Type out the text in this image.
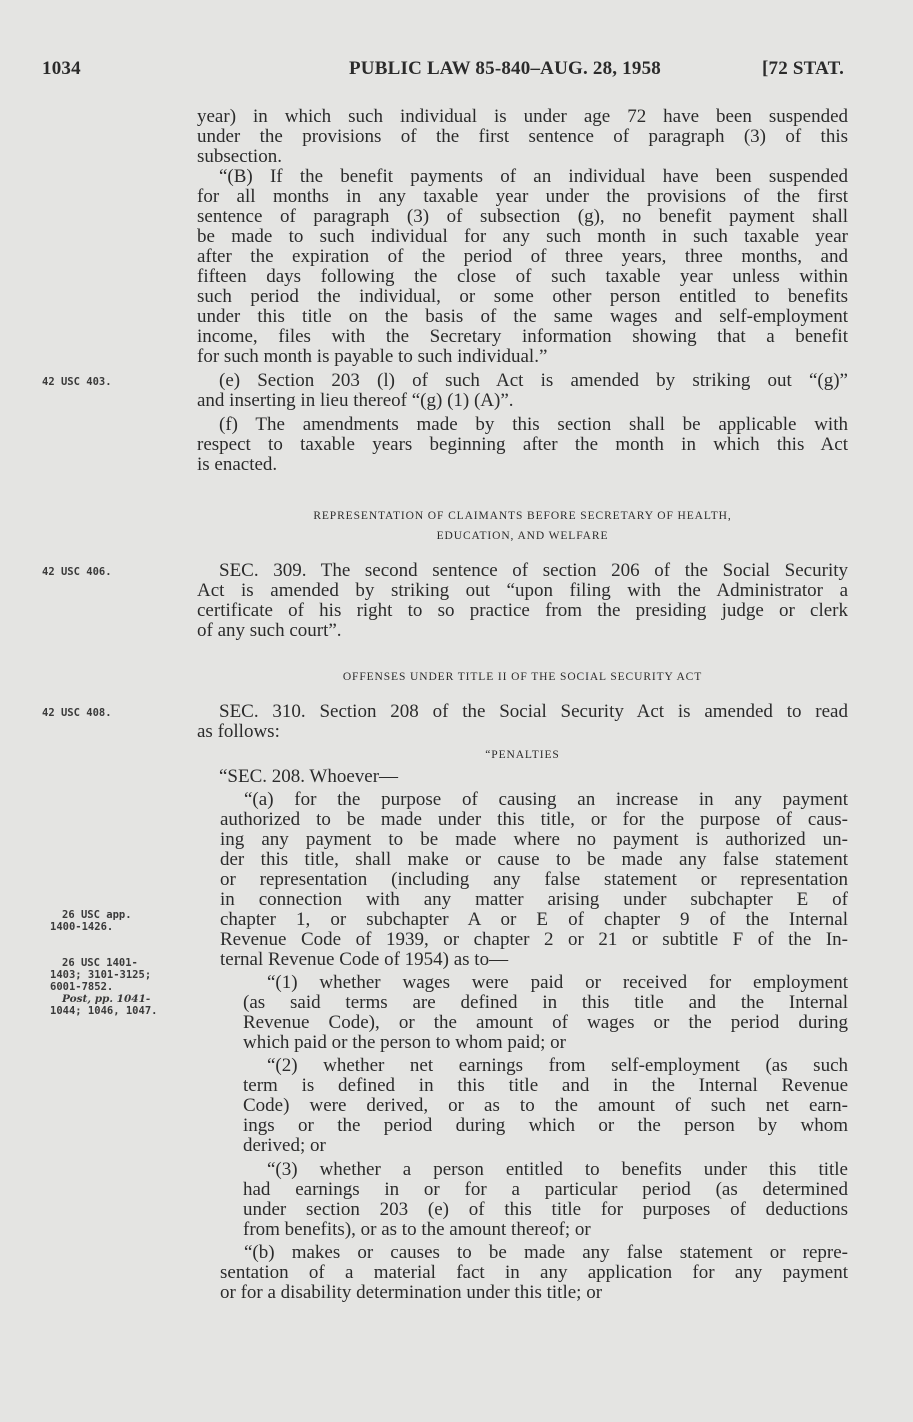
1034	PUBLIC LAW 85-840–AUG. 28, 1958	[72 STAT.
42 USC 403.
42 USC 406.
42 USC 408.
26 USC app.
1400-1426.
26 USC 1401-
1403; 3101-3125;
6001-7852.
Post, pp. 1041-
1044; 1046, 1047.
year) in which such individual is under age 72 have been suspended
under the provisions of the first sentence of paragraph (3) of this
subsection.
“(B) If the benefit payments of an individual have been suspended
for all months in any taxable year under the provisions of the first
sentence of paragraph (3) of subsection (g), no benefit payment shall
be made to such individual for any such month in such taxable year
after the expiration of the period of three years, three months, and
fifteen days following the close of such taxable year unless within
such period the individual, or some other person entitled to benefits
under this title on the basis of the same wages and self-employment
income, files with the Secretary information showing that a benefit
for such month is payable to such individual.”
(e) Section 203 (l) of such Act is amended by striking out “(g)”
and inserting in lieu thereof “(g) (1) (A)”.
(f) The amendments made by this section shall be applicable with
respect to taxable years beginning after the month in which this Act
is enacted.
REPRESENTATION OF CLAIMANTS BEFORE SECRETARY OF HEALTH,
EDUCATION, AND WELFARE
SEC. 309. The second sentence of section 206 of the Social Security
Act is amended by striking out “upon filing with the Administrator a
certificate of his right to so practice from the presiding judge or clerk
of any such court”.
OFFENSES UNDER TITLE II OF THE SOCIAL SECURITY ACT
SEC. 310. Section 208 of the Social Security Act is amended to read
as follows:
“PENALTIES
“SEC. 208. Whoever—
“(a) for the purpose of causing an increase in any payment
authorized to be made under this title, or for the purpose of caus-
ing any payment to be made where no payment is authorized un-
der this title, shall make or cause to be made any false statement
or representation (including any false statement or representation
in connection with any matter arising under subchapter E of
chapter 1, or subchapter A or E of chapter 9 of the Internal
Revenue Code of 1939, or chapter 2 or 21 or subtitle F of the In-
ternal Revenue Code of 1954) as to—
“(1) whether wages were paid or received for employment
(as said terms are defined in this title and the Internal
Revenue Code), or the amount of wages or the period during
which paid or the person to whom paid; or
“(2) whether net earnings from self-employment (as such
term is defined in this title and in the Internal Revenue
Code) were derived, or as to the amount of such net earn-
ings or the period during which or the person by whom
derived; or
“(3) whether a person entitled to benefits under this title
had earnings in or for a particular period (as determined
under section 203 (e) of this title for purposes of deductions
from benefits), or as to the amount thereof; or
“(b) makes or causes to be made any false statement or repre-
sentation of a material fact in any application for any payment
or for a disability determination under this title; or
